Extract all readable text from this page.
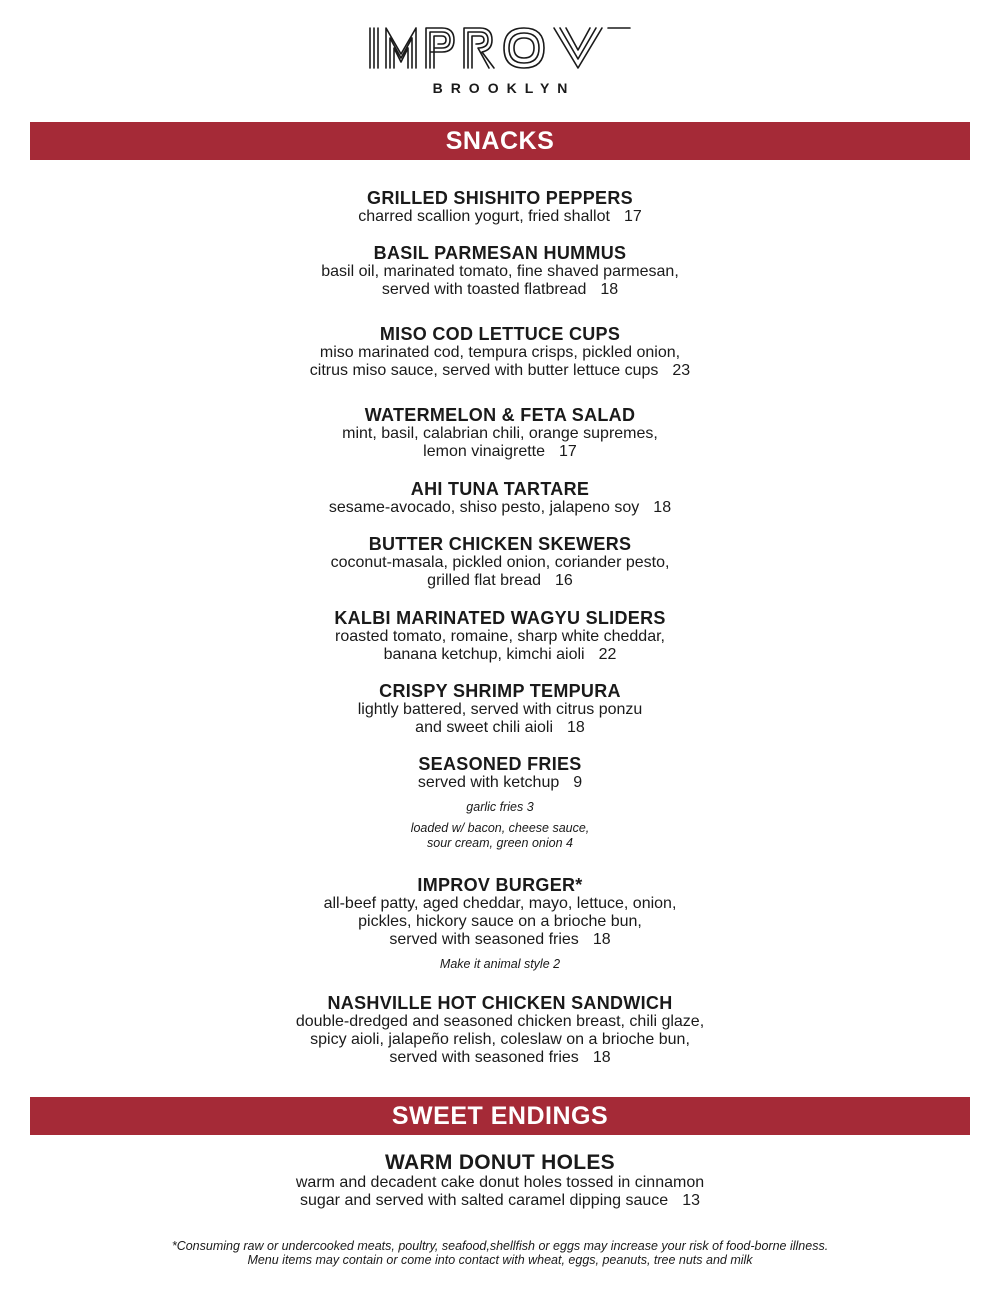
BROOKLYN
SNACKS
GRILLED SHISHITO PEPPERS
charred scallion yogurt, fried shallot 17
BASIL PARMESAN HUMMUS
basil oil, marinated tomato, fine shaved parmesan,
served with toasted flatbread 18
MISO COD LETTUCE CUPS
miso marinated cod, tempura crisps, pickled onion,
citrus miso sauce, served with butter lettuce cups 23
WATERMELON & FETA SALAD
mint, basil, calabrian chili, orange supremes,
lemon vinaigrette 17
AHI TUNA TARTARE
sesame-avocado, shiso pesto, jalapeno soy 18
BUTTER CHICKEN SKEWERS
coconut-masala, pickled onion, coriander pesto,
grilled flat bread 16
KALBI MARINATED WAGYU SLIDERS
roasted tomato, romaine, sharp white cheddar,
banana ketchup, kimchi aioli 22
CRISPY SHRIMP TEMPURA
lightly battered, served with citrus ponzu
and sweet chili aioli 18
SEASONED FRIES
served with ketchup 9
garlic fries 3
loaded w/ bacon, cheese sauce,
sour cream, green onion 4
IMPROV BURGER*
all-beef patty, aged cheddar, mayo, lettuce, onion,
pickles, hickory sauce on a brioche bun,
served with seasoned fries 18
Make it animal style 2
NASHVILLE HOT CHICKEN SANDWICH
double-dredged and seasoned chicken breast, chili glaze,
spicy aioli, jalapeño relish, coleslaw on a brioche bun,
served with seasoned fries 18
SWEET ENDINGS
WARM DONUT HOLES
warm and decadent cake donut holes tossed in cinnamon
sugar and served with salted caramel dipping sauce 13
*Consuming raw or undercooked meats, poultry, seafood,shellfish or eggs may increase your risk of food-borne illness.
Menu items may contain or come into contact with wheat, eggs, peanuts, tree nuts and milk
